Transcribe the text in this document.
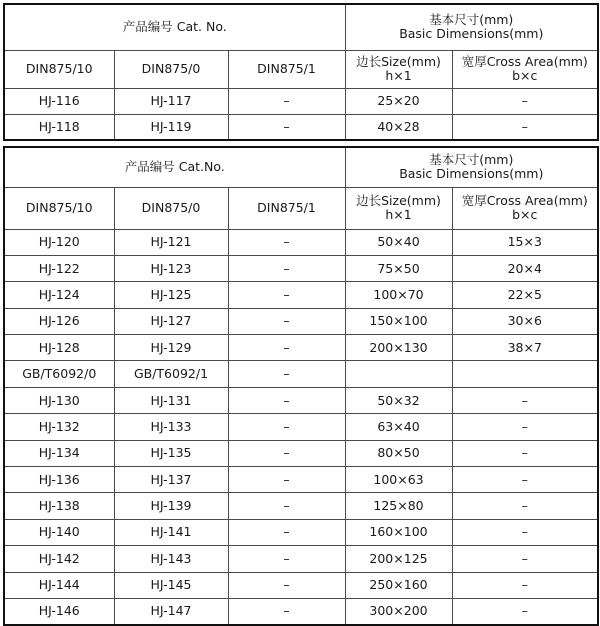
产品编号 Cat. No.			基本尺寸(mm)
Basic Dimensions(mm)	

DIN875/10	DIN875/0	DIN875/1	边长Size(mm)
h×1	宽厚Cross Area(mm)
b×c

HJ-116	HJ-117	–	25×20	–
HJ-118	HJ-119	–	40×28	–
产品编号 Cat.No.			基本尺寸(mm)
Basic Dimensions(mm)	

DIN875/10	DIN875/0	DIN875/1	边长Size(mm)
h×1	宽厚Cross Area(mm)
b×c

HJ-120	HJ-121	–	50×40	15×3
HJ-122	HJ-123	–	75×50	20×4
HJ-124	HJ-125	–	100×70	22×5
HJ-126	HJ-127	–	150×100	30×6
HJ-128	HJ-129	–	200×130	38×7
GB/T6092/0	GB/T6092/1	–		
HJ-130	HJ-131	–	50×32	–
HJ-132	HJ-133	–	63×40	–
HJ-134	HJ-135	–	80×50	–
HJ-136	HJ-137	–	100×63	–
HJ-138	HJ-139	–	125×80	–
HJ-140	HJ-141	–	160×100	–
HJ-142	HJ-143	–	200×125	–
HJ-144	HJ-145	–	250×160	–
HJ-146	HJ-147	–	300×200	–
